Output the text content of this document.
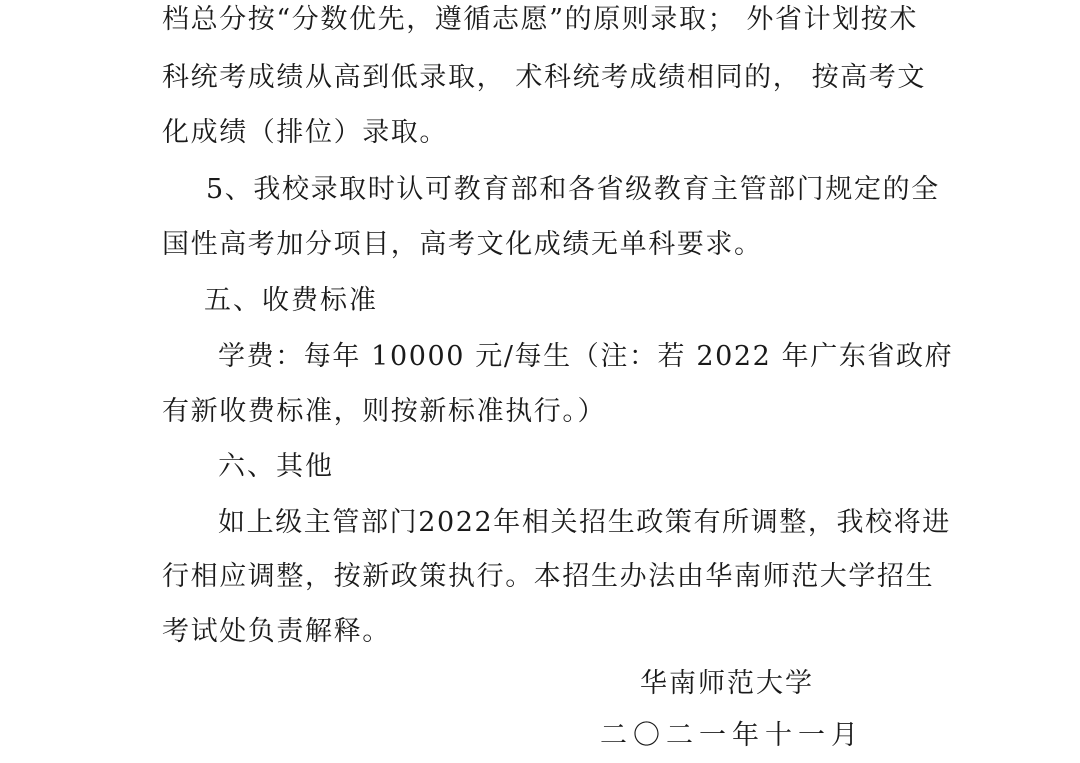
档总分按“分数优先，遵循志愿”的原则录取； 外省计划按术
科统考成绩从高到低录取， 术科统考成绩相同的， 按高考文
化成绩（排位）录取。
5、我校录取时认可教育部和各省级教育主管部门规定的全
国性高考加分项目，高考文化成绩无单科要求。
五、收费标准
学费：每年 10000 元/每生（注：若 2022 年广东省政府
有新收费标准，则按新标准执行。）
六、其他
如上级主管部门2022年相关招生政策有所调整，我校将进
行相应调整，按新政策执行。本招生办法由华南师范大学招生
考试处负责解释。
华南师范大学
二〇二一年十一月
